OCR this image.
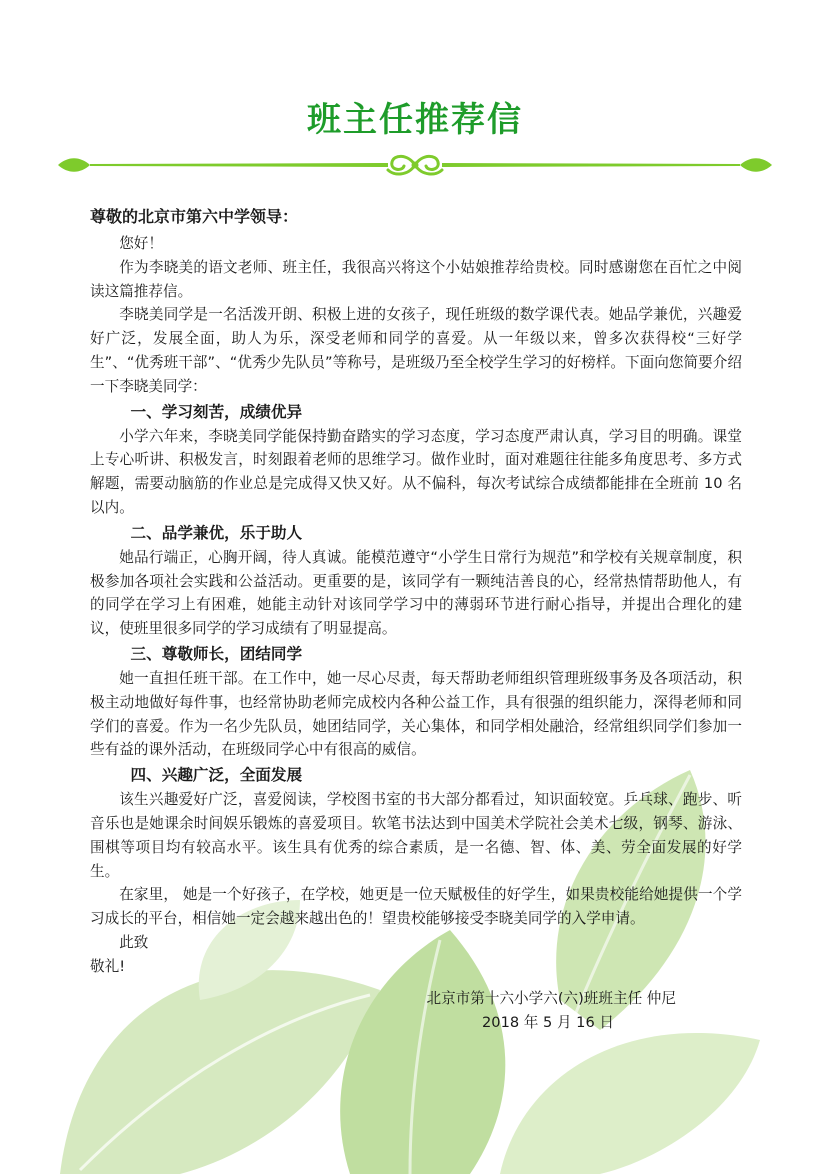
班主任推荐信

尊敬的北京市第六中学领导：

您好！

作为李晓美的语文老师、班主任，我很高兴将这个小姑娘推荐给贵校。同时感谢您在百忙之中阅读这篇推荐信。

李晓美同学是一名活泼开朗、积极上进的女孩子，现任班级的数学课代表。她品学兼优，兴趣爱好广泛，发展全面，助人为乐，深受老师和同学的喜爱。从一年级以来，曾多次获得校“三好学生”、“优秀班干部”、“优秀少先队员”等称号，是班级乃至全校学生学习的好榜样。下面向您简要介绍一下李晓美同学：

一、学习刻苦，成绩优异

小学六年来，李晓美同学能保持勤奋踏实的学习态度，学习态度严肃认真，学习目的明确。课堂上专心听讲、积极发言，时刻跟着老师的思维学习。做作业时，面对难题往往能多角度思考、多方式解题，需要动脑筋的作业总是完成得又快又好。从不偏科，每次考试综合成绩都能排在全班前 10 名以内。

二、品学兼优，乐于助人

她品行端正，心胸开阔，待人真诚。能模范遵守“小学生日常行为规范”和学校有关规章制度，积极参加各项社会实践和公益活动。更重要的是，该同学有一颗纯洁善良的心，经常热情帮助他人，有的同学在学习上有困难，她能主动针对该同学学习中的薄弱环节进行耐心指导，并提出合理化的建议，使班里很多同学的学习成绩有了明显提高。

三、尊敬师长，团结同学

她一直担任班干部。在工作中，她一尽心尽责，每天帮助老师组织管理班级事务及各项活动，积极主动地做好每件事，也经常协助老师完成校内各种公益工作，具有很强的组织能力，深得老师和同学们的喜爱。作为一名少先队员，她团结同学，关心集体，和同学相处融洽，经常组织同学们参加一些有益的课外活动，在班级同学心中有很高的威信。

四、兴趣广泛，全面发展

该生兴趣爱好广泛，喜爱阅读，学校图书室的书大部分都看过，知识面较宽。乒乓球、跑步、听音乐也是她课余时间娱乐锻炼的喜爱项目。软笔书法达到中国美术学院社会美术七级，钢琴、游泳、围棋等项目均有较高水平。该生具有优秀的综合素质，是一名德、智、体、美、劳全面发展的好学生。

在家里， 她是一个好孩子，在学校，她更是一位天赋极佳的好学生，如果贵校能给她提供一个学习成长的平台，相信她一定会越来越出色的！望贵校能够接受李晓美同学的入学申请。

此致

敬礼!

北京市第十六小学六(六)班班主任 仲尼
2018 年 5 月 16 日
